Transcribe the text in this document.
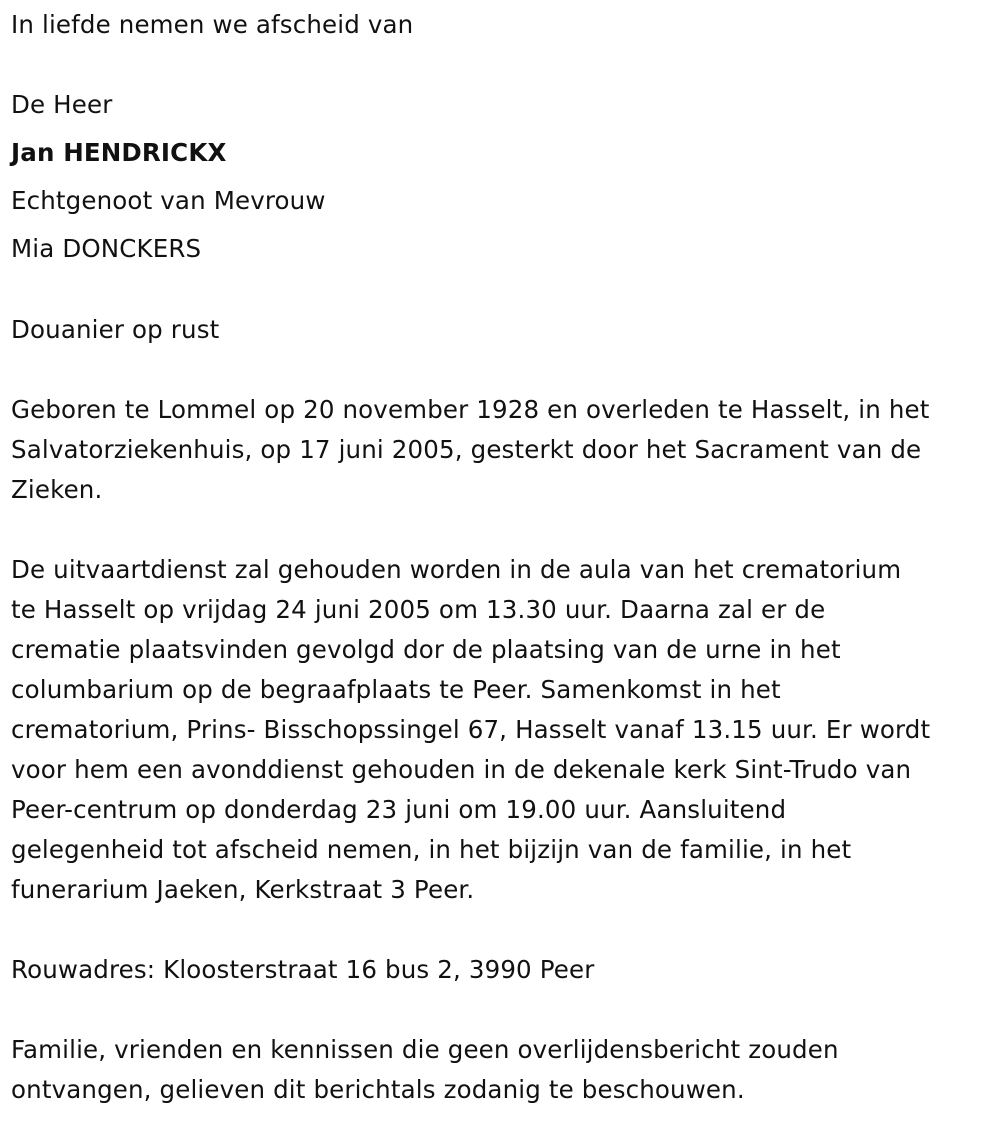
In liefde nemen we afscheid van
De Heer
Jan HENDRICKX
Echtgenoot van Mevrouw
Mia DONCKERS
Douanier op rust
Geboren te Lommel op 20 november 1928 en overleden te Hasselt, in het
Salvatorziekenhuis, op 17 juni 2005, gesterkt door het Sacrament van de
Zieken.
De uitvaartdienst zal gehouden worden in de aula van het crematorium
te Hasselt op vrijdag 24 juni 2005 om 13.30 uur. Daarna zal er de
crematie plaatsvinden gevolgd dor de plaatsing van de urne in het
columbarium op de begraafplaats te Peer. Samenkomst in het
crematorium, Prins- Bisschopssingel 67, Hasselt vanaf 13.15 uur. Er wordt
voor hem een avonddienst gehouden in de dekenale kerk Sint-Trudo van
Peer-centrum op donderdag 23 juni om 19.00 uur. Aansluitend
gelegenheid tot afscheid nemen, in het bijzijn van de familie, in het
funerarium Jaeken, Kerkstraat 3 Peer.
Rouwadres: Kloosterstraat 16 bus 2, 3990 Peer
Familie, vrienden en kennissen die geen overlijdensbericht zouden
ontvangen, gelieven dit berichtals zodanig te beschouwen.
